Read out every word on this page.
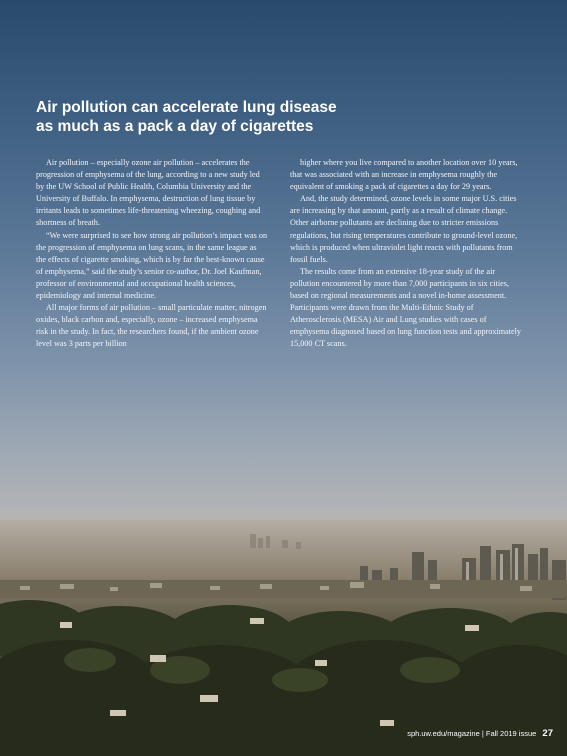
Air pollution can accelerate lung disease
as much as a pack a day of cigarettes

Air pollution – especially ozone air pollution – accelerates the progression of emphysema of the lung, according to a new study led by the UW School of Public Health, Columbia University and the University of Buffalo. In emphysema, destruction of lung tissue by irritants leads to sometimes life-threatening wheezing, coughing and shortness of breath.

“We were surprised to see how strong air pollution’s impact was on the progression of emphysema on lung scans, in the same league as the effects of cigarette smoking, which is by far the best-known cause of emphysema,” said the study’s senior co-author, Dr. Joel Kaufman, professor of environmental and occupational health sciences, epidemiology and internal medicine.

All major forms of air pollution – small particulate matter, nitrogen oxides, black carbon and, especially, ozone – increased emphysema risk in the study. In fact, the researchers found, if the ambient ozone level was 3 parts per billion

higher where you live compared to another location over 10 years, that was associated with an increase in emphysema roughly the equivalent of smoking a pack of cigarettes a day for 29 years.

And, the study determined, ozone levels in some major U.S. cities are increasing by that amount, partly as a result of climate change. Other airborne pollutants are declining due to stricter emissions regulations, but rising temperatures contribute to ground-level ozone, which is produced when ultraviolet light reacts with pollutants from fossil fuels.

The results come from an extensive 18-year study of the air pollution encountered by more than 7,000 participants in six cities, based on regional measurements and a novel in-home assessment. Participants were drawn from the Multi-Ethnic Study of Atherosclerosis (MESA) Air and Lung studies with cases of emphysema diagnosed based on lung function tests and approximately 15,000 CT scans.

sph.uw.edu/magazine | Fall 2019 issue 27
